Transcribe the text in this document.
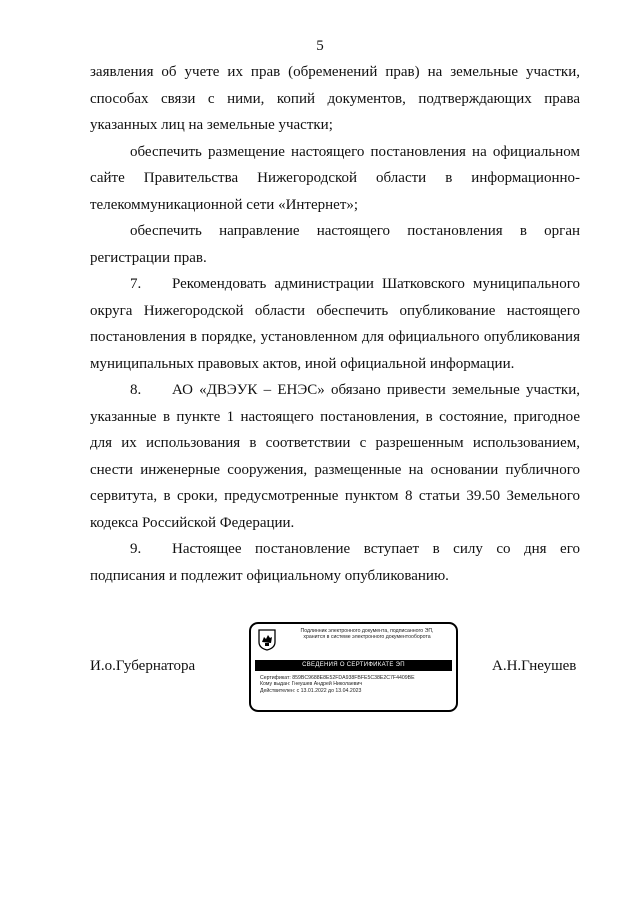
5

заявления об учете их прав (обременений прав) на земельные участки, способах связи с ними, копий документов, подтверждающих права указанных лиц на земельные участки;

обеспечить размещение настоящего постановления на официальном сайте Правительства Нижегородской области в информационно-телекоммуникационной сети «Интернет»;

обеспечить направление настоящего постановления в орган регистрации прав.

7. Рекомендовать администрации Шатковского муниципального округа Нижегородской области обеспечить опубликование настоящего постановления в порядке, установленном для официального опубликования муниципальных правовых актов, иной официальной информации.

8. АО «ДВЭУК – ЕНЭС» обязано привести земельные участки, указанные в пункте 1 настоящего постановления, в состояние, пригодное для их использования в соответствии с разрешенным использованием, снести инженерные сооружения, размещенные на основании публичного сервитута, в сроки, предусмотренные пунктом 8 статьи 39.50 Земельного кодекса Российской Федерации.

9. Настоящее постановление вступает в силу со дня его подписания и подлежит официальному опубликованию.

И.о.Губернатора
Подлинник электронного документа, подписанного ЭП,
хранится в системе электронного документооборота
СВЕДЕНИЯ О СЕРТИФИКАТЕ ЭП
Сертификат: 859BC9688E8E52FDA938FBFE5C38E2C7F4409BE
Кому выдан: Гнеушев Андрей Николаевич
Действителен: с 13.01.2022 до 13.04.2023
А.Н.Гнеушев
